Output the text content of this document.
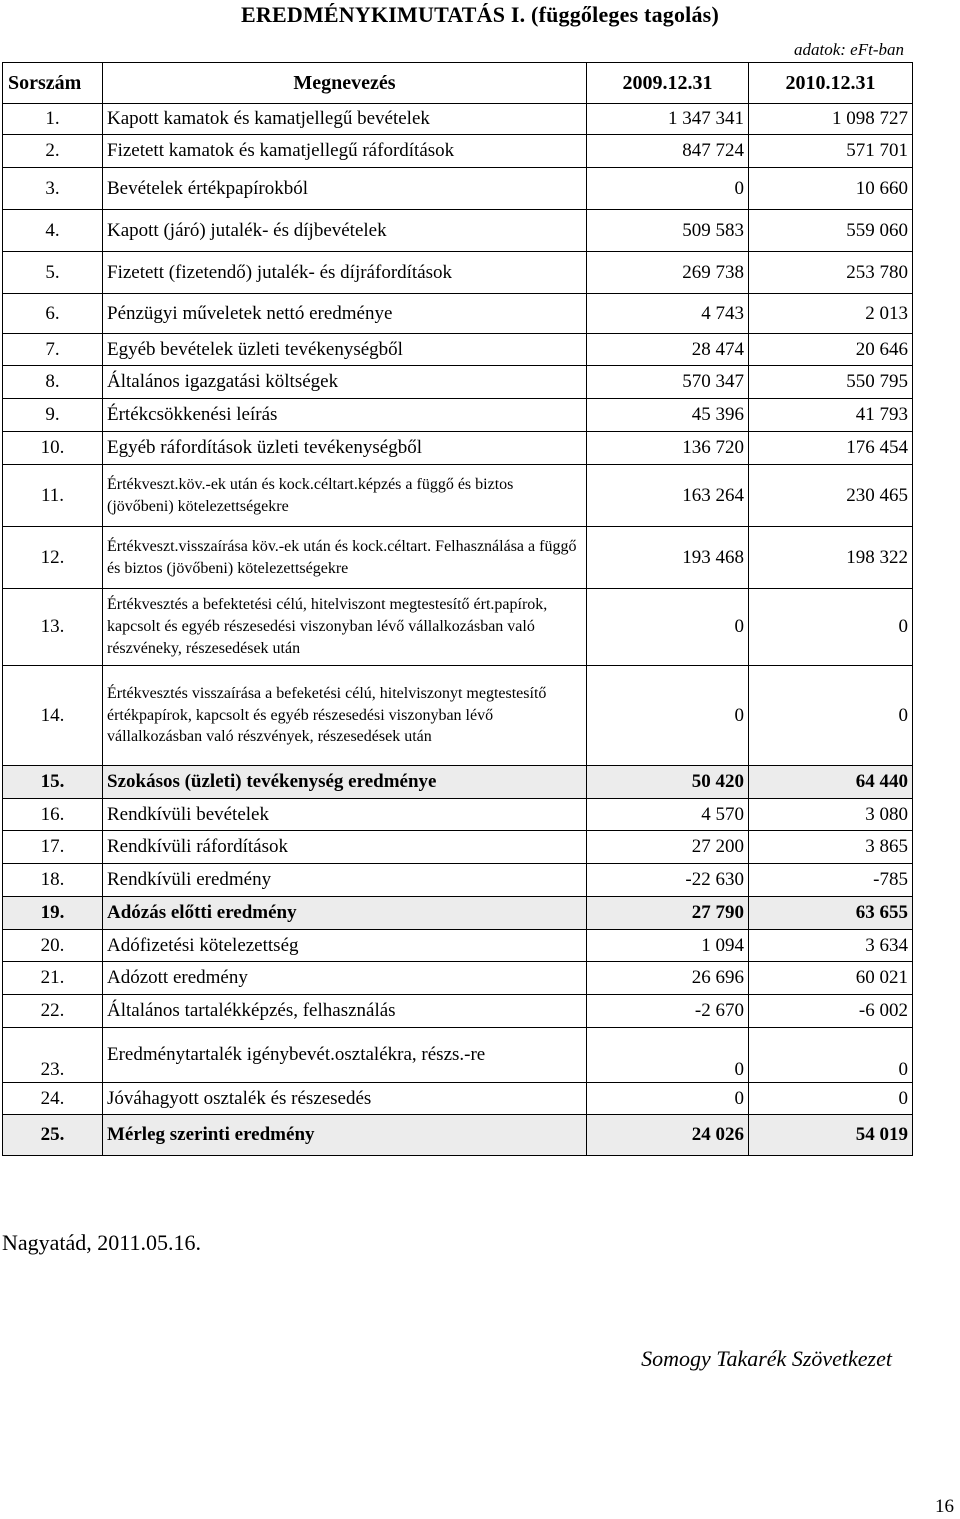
EREDMÉNYKIMUTATÁS I. (függőleges tagolás)
adatok: eFt-ban
Sorszám	Megnevezés	2009.12.31	2010.12.31
1.	Kapott kamatok és kamatjellegű bevételek	1 347 341	1 098 727
2.	Fizetett kamatok és kamatjellegű ráfordítások	847 724	571 701
3.	Bevételek értékpapírokból	0	10 660
4.	Kapott (járó) jutalék- és díjbevételek	509 583	559 060
5.	Fizetett (fizetendő) jutalék- és díjráfordítások	269 738	253 780
6.	Pénzügyi műveletek nettó eredménye	4 743	2 013
7.	Egyéb bevételek üzleti tevékenységből	28 474	20 646
8.	Általános igazgatási költségek	570 347	550 795
9.	Értékcsökkenési leírás	45 396	41 793
10.	Egyéb ráfordítások üzleti tevékenységből	136 720	176 454
11.	Értékveszt.köv.-ek után és kock.céltart.képzés a függő és biztos (jövőbeni) kötelezettségekre	163 264	230 465
12.	Értékveszt.visszaírása köv.-ek után és kock.céltart. Felhasználása a függő és biztos (jövőbeni) kötelezettségekre	193 468	198 322
13.	Értékvesztés a befektetési célú, hitelviszont megtestesítő ért.papírok, kapcsolt és egyéb részesedési viszonyban lévő vállalkozásban való részvéneky, részesedések után	0	0
14.	Értékvesztés visszaírása a befeketési célú, hitelviszonyt megtestesítő értékpapírok, kapcsolt és egyéb részesedési viszonyban lévő vállalkozásban való részvények, részesedések után	0	0
15.	Szokásos (üzleti) tevékenység eredménye	50 420	64 440
16.	Rendkívüli bevételek	4 570	3 080
17.	Rendkívüli ráfordítások	27 200	3 865
18.	Rendkívüli eredmény	-22 630	-785
19.	Adózás előtti eredmény	27 790	63 655
20.	Adófizetési kötelezettség	1 094	3 634
21.	Adózott eredmény	26 696	60 021
22.	Általános tartalékképzés, felhasználás	-2 670	-6 002
23.	Eredménytartalék igénybevét.osztalékra, részs.-re	0	0
24.	Jóváhagyott osztalék és részesedés	0	0
25.	Mérleg szerinti eredmény	24 026	54 019
Nagyatád, 2011.05.16.
Somogy Takarék Szövetkezet
16
